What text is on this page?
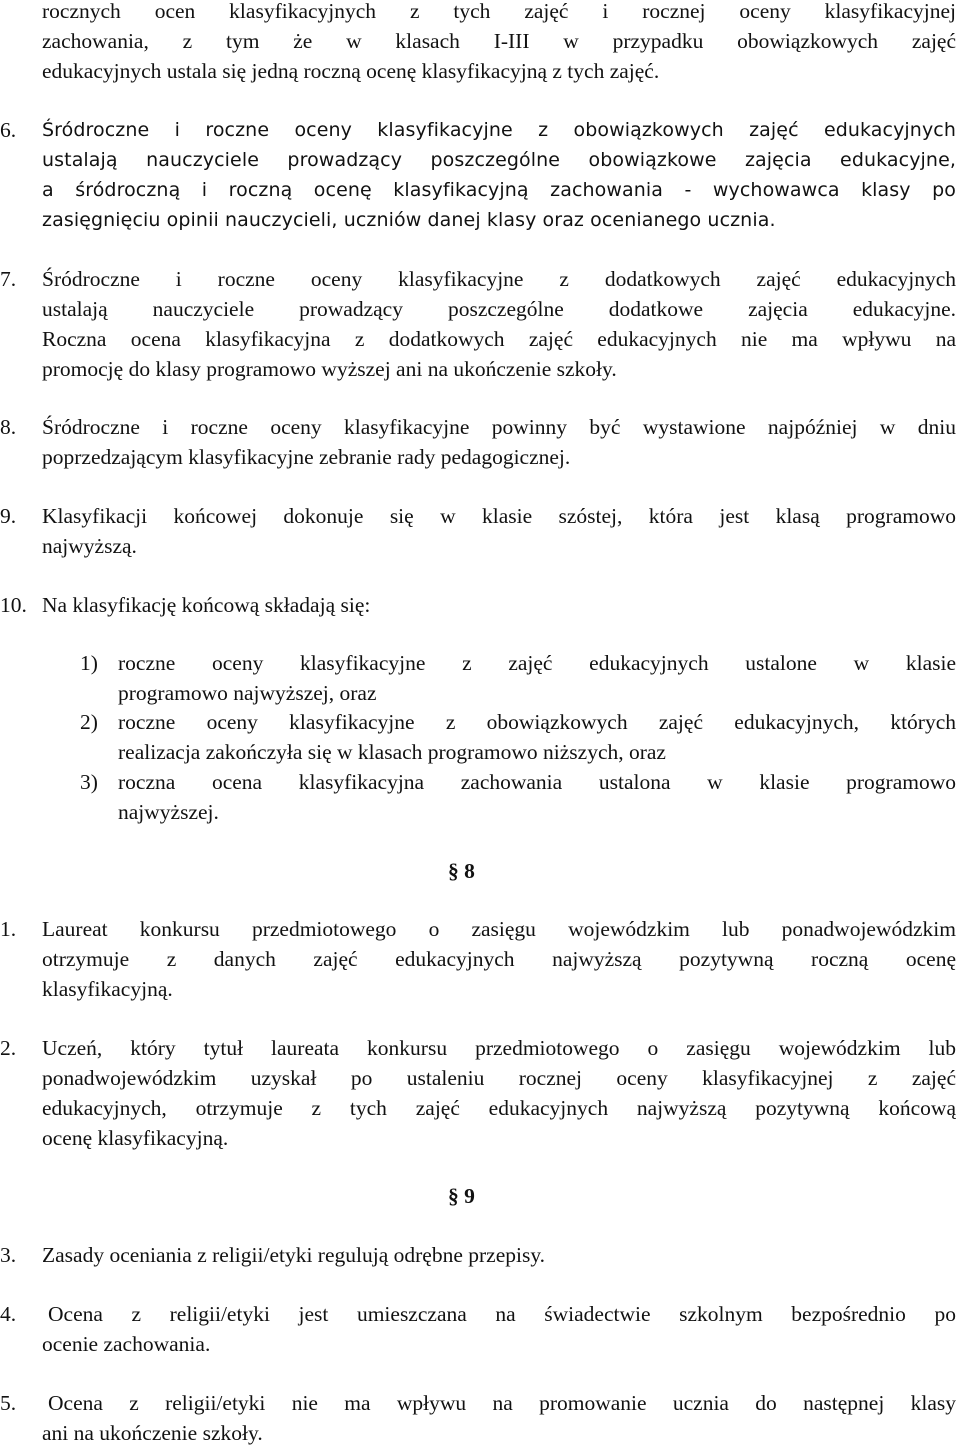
rocznych ocen klasyfikacyjnych z tych zajęć i rocznej oceny klasyfikacyjnej
zachowania, z tym że w klasach I-III w przypadku obowiązkowych zajęć
edukacyjnych ustala się jedną roczną ocenę klasyfikacyjną z tych zajęć.
6.	Śródroczne i roczne oceny klasyfikacyjne z obowiązkowych zajęć edukacyjnych
ustalają nauczyciele prowadzący poszczególne obowiązkowe zajęcia edukacyjne,
a śródroczną i roczną ocenę klasyfikacyjną zachowania - wychowawca klasy po
zasięgnięciu opinii nauczycieli, uczniów danej klasy oraz ocenianego ucznia.
7.	Śródroczne i roczne oceny klasyfikacyjne z dodatkowych zajęć edukacyjnych
ustalają nauczyciele prowadzący poszczególne dodatkowe zajęcia edukacyjne.
Roczna ocena klasyfikacyjna z dodatkowych zajęć edukacyjnych nie ma wpływu na
promocję do klasy programowo wyższej ani na ukończenie szkoły.
8.	Śródroczne i roczne oceny klasyfikacyjne powinny być wystawione najpóźniej w dniu
poprzedzającym klasyfikacyjne zebranie rady pedagogicznej.
9.	Klasyfikacji końcowej dokonuje się w klasie szóstej, która jest klasą programowo
najwyższą.
10. Na klasyfikację końcową składają się:
1) roczne oceny klasyfikacyjne z zajęć edukacyjnych ustalone w klasie
programowo najwyższej, oraz
2) roczne oceny klasyfikacyjne z obowiązkowych zajęć edukacyjnych, których
realizacja zakończyła się w klasach programowo niższych, oraz
3) roczna ocena klasyfikacyjna zachowania ustalona w klasie programowo
najwyższej.
§ 8
1.	Laureat konkursu przedmiotowego o zasięgu wojewódzkim lub ponadwojewódzkim
otrzymuje z danych zajęć edukacyjnych najwyższą pozytywną roczną ocenę
klasyfikacyjną.
2.	Uczeń, który tytuł laureata konkursu przedmiotowego o zasięgu wojewódzkim lub
ponadwojewódzkim uzyskał po ustaleniu rocznej oceny klasyfikacyjnej z zajęć
edukacyjnych, otrzymuje z tych zajęć edukacyjnych najwyższą pozytywną końcową
ocenę klasyfikacyjną.
§ 9
3.	Zasady oceniania z religii/etyki regulują odrębne przepisy.
4.	Ocena z religii/etyki jest umieszczana na świadectwie szkolnym bezpośrednio po
ocenie zachowania.
5.	Ocena z religii/etyki nie ma wpływu na promowanie ucznia do następnej klasy
ani na ukończenie szkoły.
